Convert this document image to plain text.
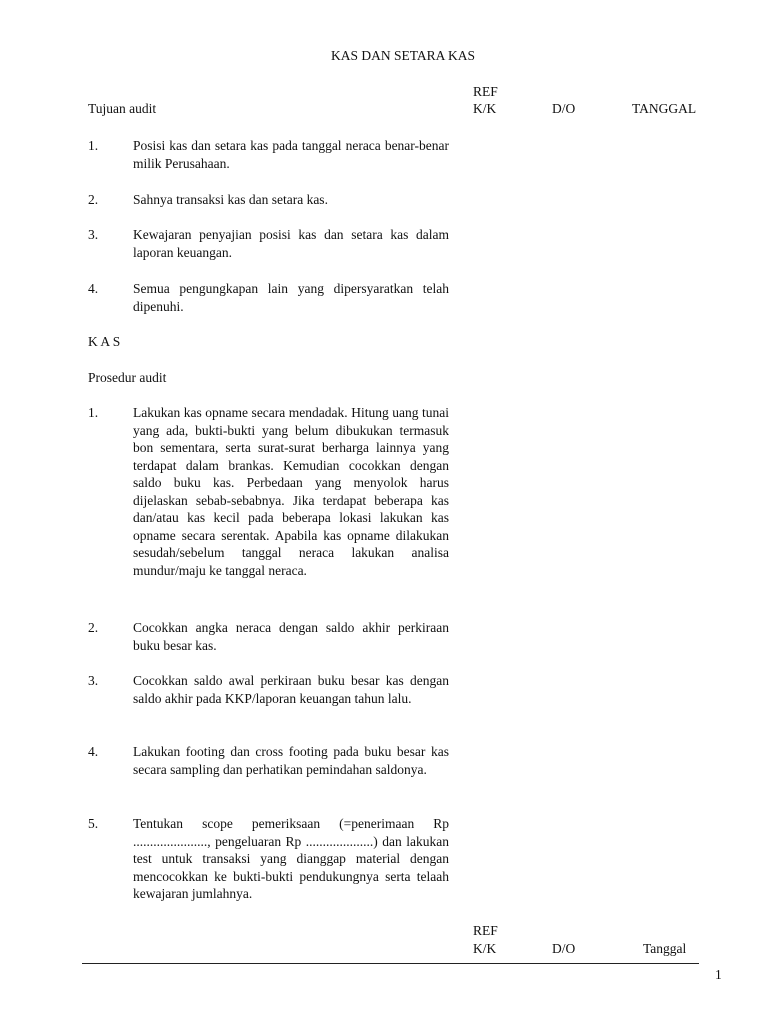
KAS DAN SETARA KAS
Tujuan audit
REF
K/K	D/O	TANGGAL
1.	Posisi kas dan setara kas pada tanggal neraca benar-benar milik Perusahaan.
2.	Sahnya transaksi kas dan setara kas.
3.	Kewajaran penyajian posisi kas dan setara kas dalam laporan keuangan.
4.	Semua pengungkapan lain yang dipersyaratkan telah dipenuhi.
K A S
Prosedur audit
1.	Lakukan kas opname secara mendadak. Hitung uang tunai yang ada, bukti-bukti yang belum dibukukan termasuk bon sementara, serta surat-surat berharga lainnya yang terdapat dalam brankas. Kemudian cocokkan dengan saldo buku kas. Perbedaan yang menyolok harus dijelaskan sebab-sebabnya. Jika terdapat beberapa kas dan/atau kas kecil pada beberapa lokasi lakukan kas opname secara serentak. Apabila kas opname dilakukan sesudah/sebelum tanggal neraca lakukan analisa mundur/maju ke tanggal neraca.
2.	Cocokkan angka neraca dengan saldo akhir perkiraan buku besar kas.
3.	Cocokkan saldo awal perkiraan buku besar kas dengan saldo akhir pada KKP/laporan keuangan tahun lalu.
4.	Lakukan footing dan cross footing pada buku besar kas secara sampling dan perhatikan pemindahan saldonya.
5.	Tentukan scope pemeriksaan (=penerimaan Rp ......................, pengeluaran Rp ....................) dan lakukan test untuk transaksi yang dianggap material dengan mencocokkan ke bukti-bukti pendukungnya serta telaah kewajaran jumlahnya.
REF
K/K	D/O	Tanggal
1
